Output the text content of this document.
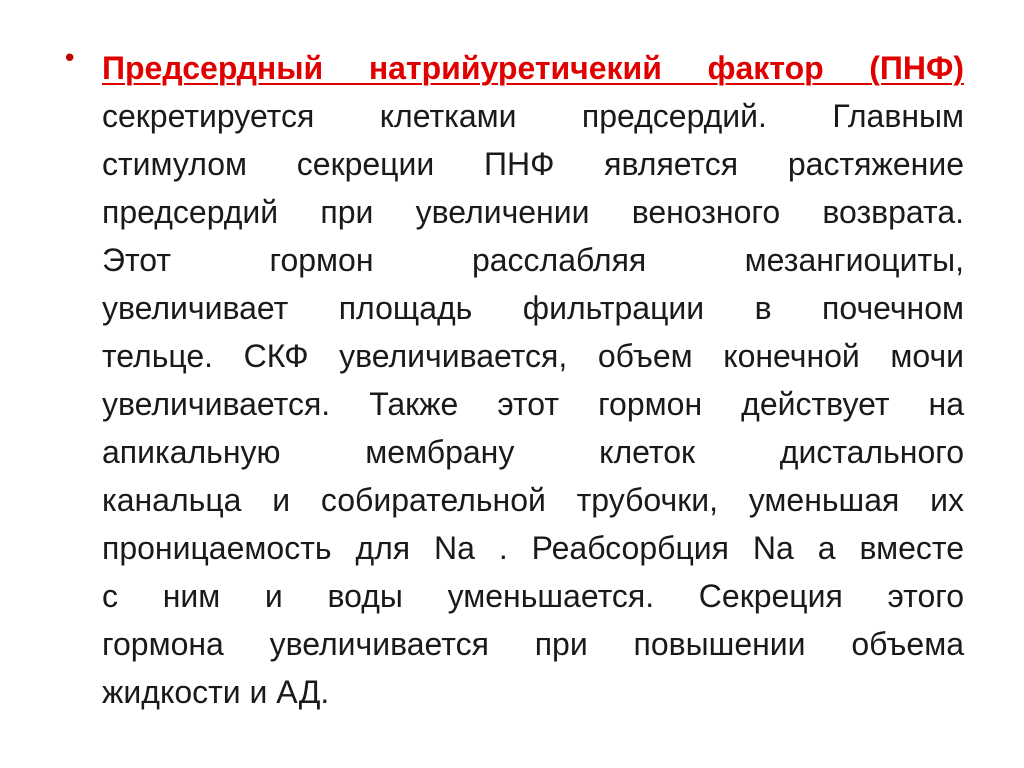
• Предсердный натрийуретичекий фактор (ПНФ)
секретируется клетками предсердий. Главным
стимулом секреции ПНФ является растяжение
предсердий при увеличении венозного возврата.
Этот гормон расслабляя мезангиоциты,
увеличивает площадь фильтрации в почечном
тельце. СКФ увеличивается, объем конечной мочи
увеличивается. Также этот гормон действует на
апикальную мембрану клеток дистального
канальца и собирательной трубочки, уменьшая их
проницаемость для Na . Реабсорбция Na а вместе
с ним и воды уменьшается. Секреция этого
гормона увеличивается при повышении объема
жидкости и АД.
